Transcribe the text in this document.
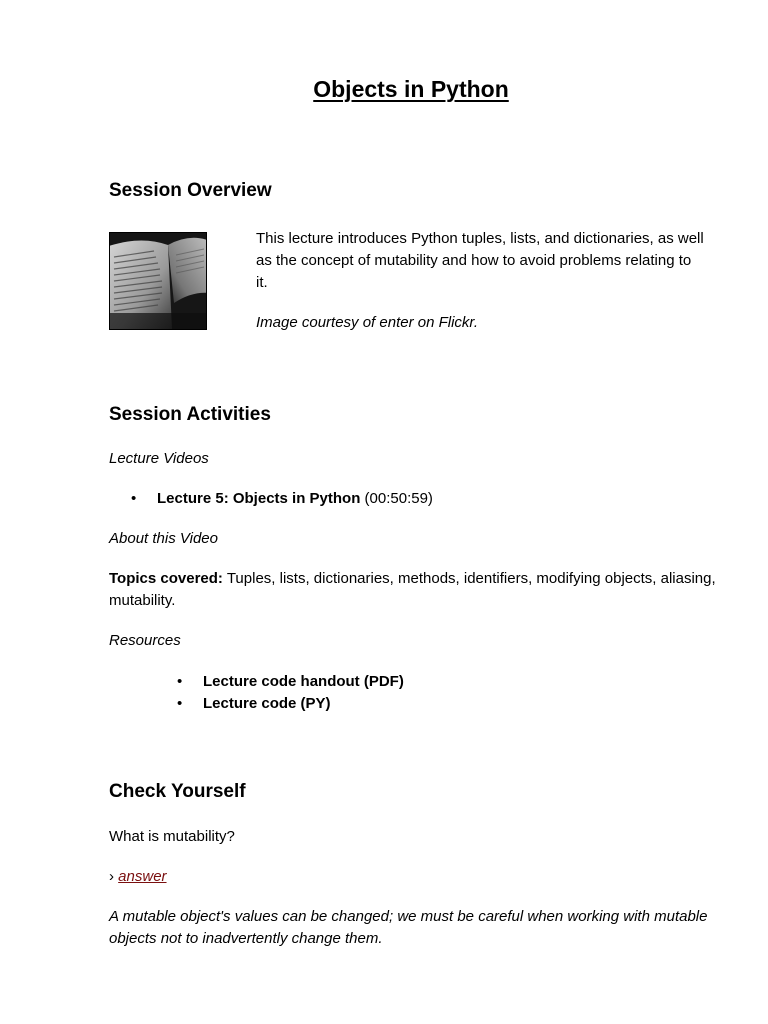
Objects in Python
Session Overview

This lecture introduces Python tuples, lists, and dictionaries, as well as the concept of mutability and how to avoid problems relating to it.

Image courtesy of enter on Flickr.

Session Activities

Lecture Videos

• Lecture 5: Objects in Python (00:50:59)

About this Video

Topics covered: Tuples, lists, dictionaries, methods, identifiers, modifying objects, aliasing, mutability.

Resources

• Lecture code handout (PDF)
• Lecture code (PY)
Check Yourself

What is mutability?

› answer

A mutable object's values can be changed; we must be careful when working with mutable objects not to inadvertently change them.
